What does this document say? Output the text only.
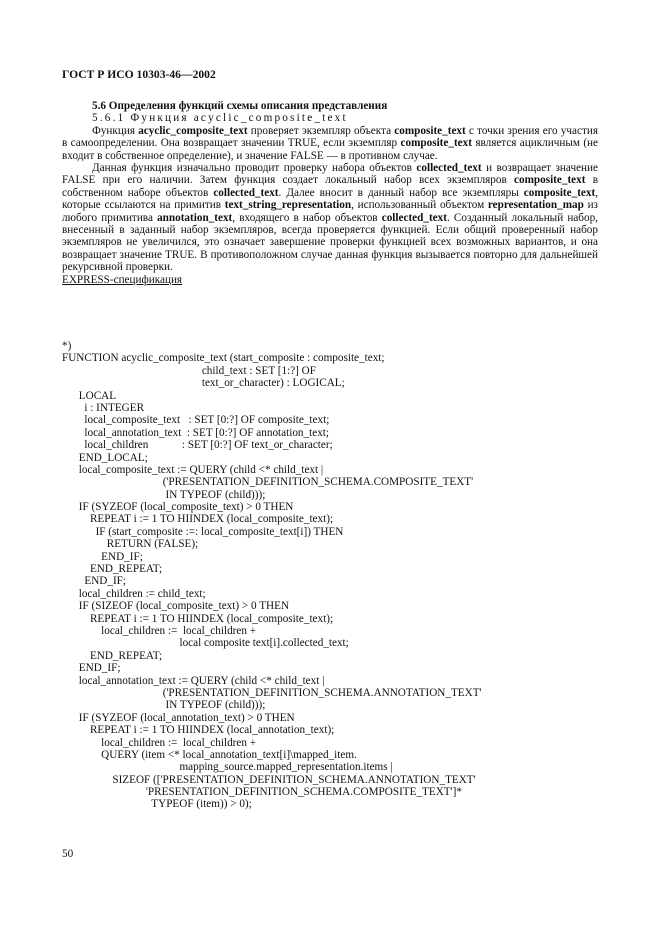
ГОСТ Р ИСО 10303-46—2002

5.6 Определения функций схемы описания представления

5.6.1 Функция acyclic_composite_text

Функция acyclic_composite_text проверяет экземпляр объекта composite_text с точки зрения его участия в самоопределении. Она возвращает значении TRUE, если экземпляр composite_text является ацикличным (не входит в собственное определение), и значение FALSE — в противном случае.

Данная функция изначально проводит проверку набора объектов collected_text и возвращает значение FALSE при его наличии. Затем функция создает локальный набор всех экземпляров composite_text в собственном наборе объектов collected_text. Далее вносит в данный набор все экземпляры composite_text, которые ссылаются на примитив text_string_representation, использованный объектом representation_map из любого примитива annotation_text, входящего в набор объектов collected_text. Созданный локальный набор, внесенный в заданный набор экземпляров, всегда проверяется функцией. Если общий проверенный набор экземпляров не увеличился, это означает завершение проверки функцией всех возможных вариантов, и она возвращает значение TRUE. В противоположном случае данная функция вызывается повторно для дальнейшей рекурсивной проверки.

EXPRESS-спецификация

*)
FUNCTION acyclic_composite_text (start_composite : composite_text;
child_text : SET [1:?] OF
text_or_character) : LOGICAL;
LOCAL
i : INTEGER
local_composite_text   : SET [0:?] OF composite_text;
local_annotation_text  : SET [0:?] OF annotation_text;
local_children            : SET [0:?] OF text_or_character;
END_LOCAL;
local_composite_text := QUERY (child <* child_text |
('PRESENTATION_DEFINITION_SCHEMA.COMPOSITE_TEXT'
IN TYPEOF (child)));
IF (SYZEOF (local_composite_text) > 0 THEN
REPEAT i := 1 TO HIINDEX (local_composite_text);
IF (start_composite :=: local_composite_text[i]) THEN
RETURN (FALSE);
END_IF;
END_REPEAT;
END_IF;
local_children := child_text;
IF (SIZEOF (local_composite_text) > 0 THEN
REPEAT i := 1 TO HIINDEX (local_composite_text);
local_children :=  local_children +
local composite text[i].collected_text;
END_REPEAT;
END_IF;
local_annotation_text := QUERY (child <* child_text |
('PRESENTATION_DEFINITION_SCHEMA.ANNOTATION_TEXT'
IN TYPEOF (child)));
IF (SYZEOF (local_annotation_text) > 0 THEN
REPEAT i := 1 TO HIINDEX (local_annotation_text);
local_children :=  local_children +
QUERY (item <* local_annotation_text[i]\mapped_item.
mapping_source.mapped_representation.items |
SIZEOF (['PRESENTATION_DEFINITION_SCHEMA.ANNOTATION_TEXT'
'PRESENTATION_DEFINITION_SCHEMA.COMPOSITE_TEXT']*
TYPEOF (item)) > 0);
50
